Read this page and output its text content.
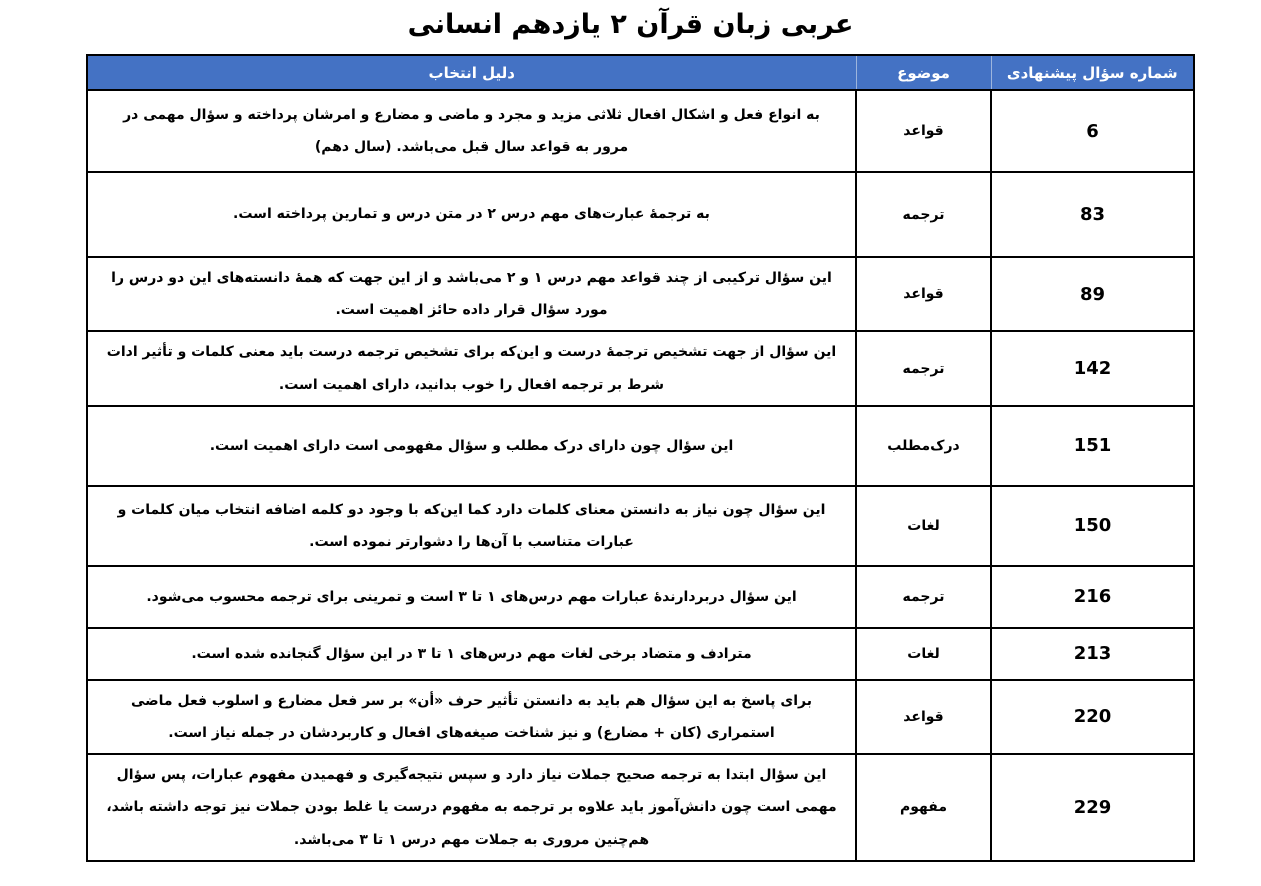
عربی زبان قرآن ۲ یازدهم انسانی
شماره سؤال پیشنهادی	موضوع	دلیل انتخاب
6	قواعد	به انواع فعل و اشکال افعال ثلاثی مزید و مجرد و ماضی و مضارع و امرشان پرداخته و سؤال مهمی در مرور به قواعد سال قبل می‌باشد. (سال دهم)
83	ترجمه	به ترجمهٔ عبارت‌های مهم درس ۲ در متن درس و تمارین پرداخته است.
89	قواعد	این سؤال ترکیبی از چند قواعد مهم درس ۱ و ۲ می‌باشد و از این جهت که همهٔ دانسته‌های این دو درس را مورد سؤال قرار داده حائز اهمیت است.
142	ترجمه	این سؤال از جهت تشخیص ترجمهٔ درست و این‌که برای تشخیص ترجمه درست باید معنی کلمات و تأثیر ادات شرط بر ترجمه افعال را خوب بدانید، دارای اهمیت است.
151	درک‌مطلب	این سؤال چون دارای درک مطلب و سؤال مفهومی است دارای اهمیت است.
150	لغات	این سؤال چون نیاز به دانستن معنای کلمات دارد کما این‌که با وجود دو کلمه اضافه انتخاب میان کلمات و عبارات متناسب با آن‌ها را دشوارتر نموده است.
216	ترجمه	این سؤال دربردارندهٔ عبارات مهم درس‌های ۱ تا ۳ است و تمرینی برای ترجمه محسوب می‌شود.
213	لغات	مترادف و متضاد برخی لغات مهم درس‌های ۱ تا ۳ در این سؤال گنجانده شده است.
220	قواعد	برای پاسخ به این سؤال هم باید به دانستن تأثیر حرف «أن» بر سر فعل مضارع و اسلوب فعل ماضی استمراری (کان + مضارع) و نیز شناخت صیغه‌های افعال و کاربردشان در جمله نیاز است.
229	مفهوم	این سؤال ابتدا به ترجمه صحیح جملات نیاز دارد و سپس نتیجه‌گیری و فهمیدن مفهوم عبارات، پس سؤال مهمی است چون دانش‌آموز باید علاوه بر ترجمه به مفهوم درست یا غلط بودن جملات نیز توجه داشته باشد، هم‌چنین مروری به جملات مهم درس ۱ تا ۳ می‌باشد.
